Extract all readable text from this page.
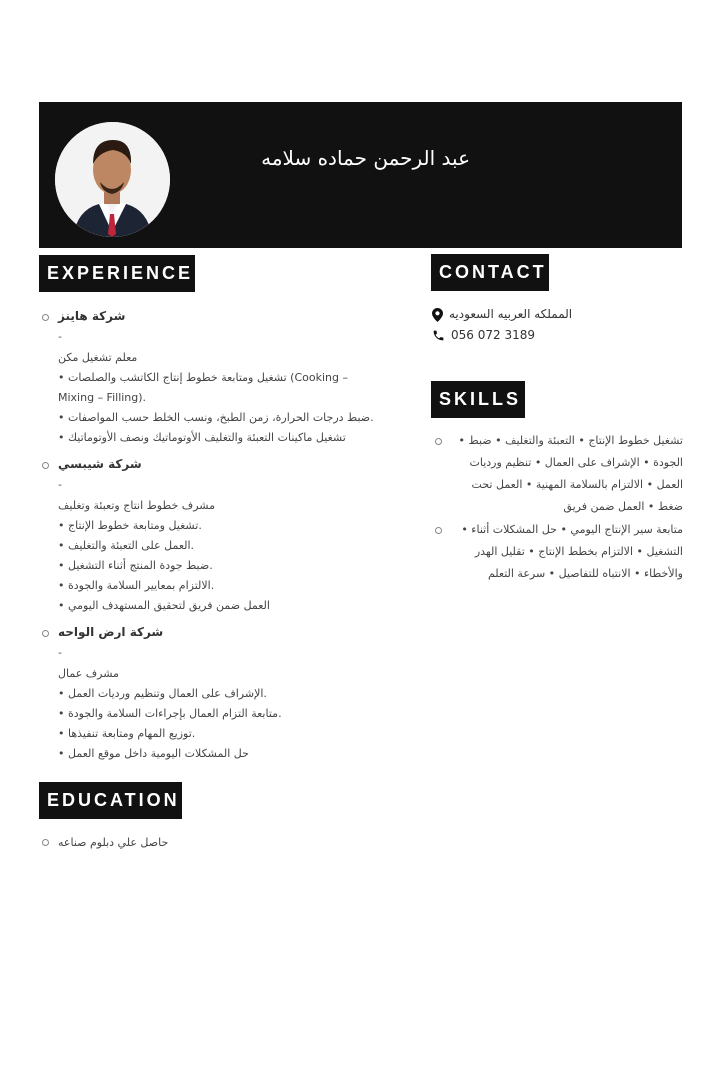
عبد الرحمن حماده سلامه
EXPERIENCE
شركة هاينز
-
معلم تشغيل مكن
• تشغيل ومتابعة خطوط إنتاج الكاتشب والصلصات (Cooking –
Mixing – Filling).
• ضبط درجات الحرارة، زمن الطبخ، ونسب الخلط حسب المواصفات.
• تشغيل ماكينات التعبئة والتغليف الأوتوماتيك ونصف الأوتوماتيك
شركة شيبسي
-
مشرف خطوط انتاج وتعبئة وتغليف
• تشغيل ومتابعة خطوط الإنتاج.
• العمل على التعبئة والتغليف.
• ضبط جودة المنتج أثناء التشغيل.
• الالتزام بمعايير السلامة والجودة.
• العمل ضمن فريق لتحقيق المستهدف اليومي
شركة ارض الواحه
-
مشرف عمال
• الإشراف على العمال وتنظيم ورديات العمل.
• متابعة التزام العمال بإجراءات السلامة والجودة.
• توزيع المهام ومتابعة تنفيذها.
• حل المشكلات اليومية داخل موقع العمل
EDUCATION
حاصل علي دبلوم صناعه
CONTACT
المملكه العربيه السعوديه
056 072 3189
SKILLS
تشغيل خطوط الإنتاج • التعبئة والتغليف • ضبط •
الجودة • الإشراف على العمال • تنظيم ورديات
العمل • الالتزام بالسلامة المهنية • العمل تحت
ضغط • العمل ضمن فريق
متابعة سير الإنتاج اليومي • حل المشكلات أثناء •
التشغيل • الالتزام بخطط الإنتاج • تقليل الهدر
والأخطاء • الانتباه للتفاصيل • سرعة التعلم
